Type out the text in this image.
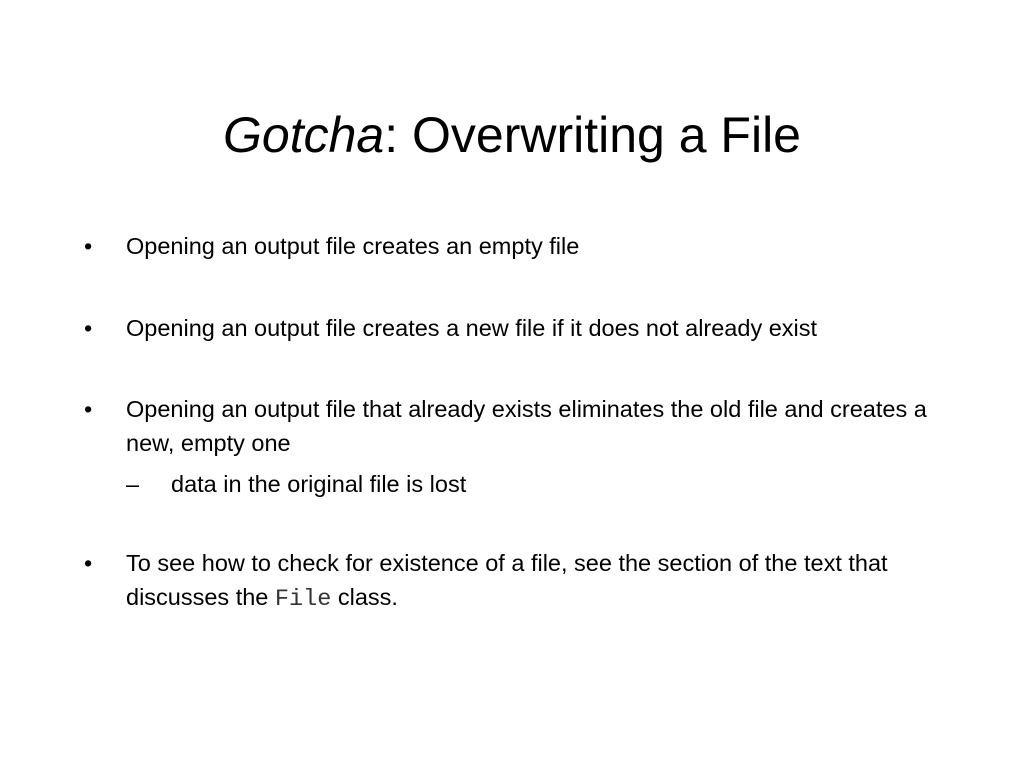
Gotcha: Overwriting a File
• Opening an output file creates an empty file
• Opening an output file creates a new file if it does not already exist
• Opening an output file that already exists eliminates the old file and creates a new, empty one
– data in the original file is lost
• To see how to check for existence of a file, see the section of the text that discusses the File class.
